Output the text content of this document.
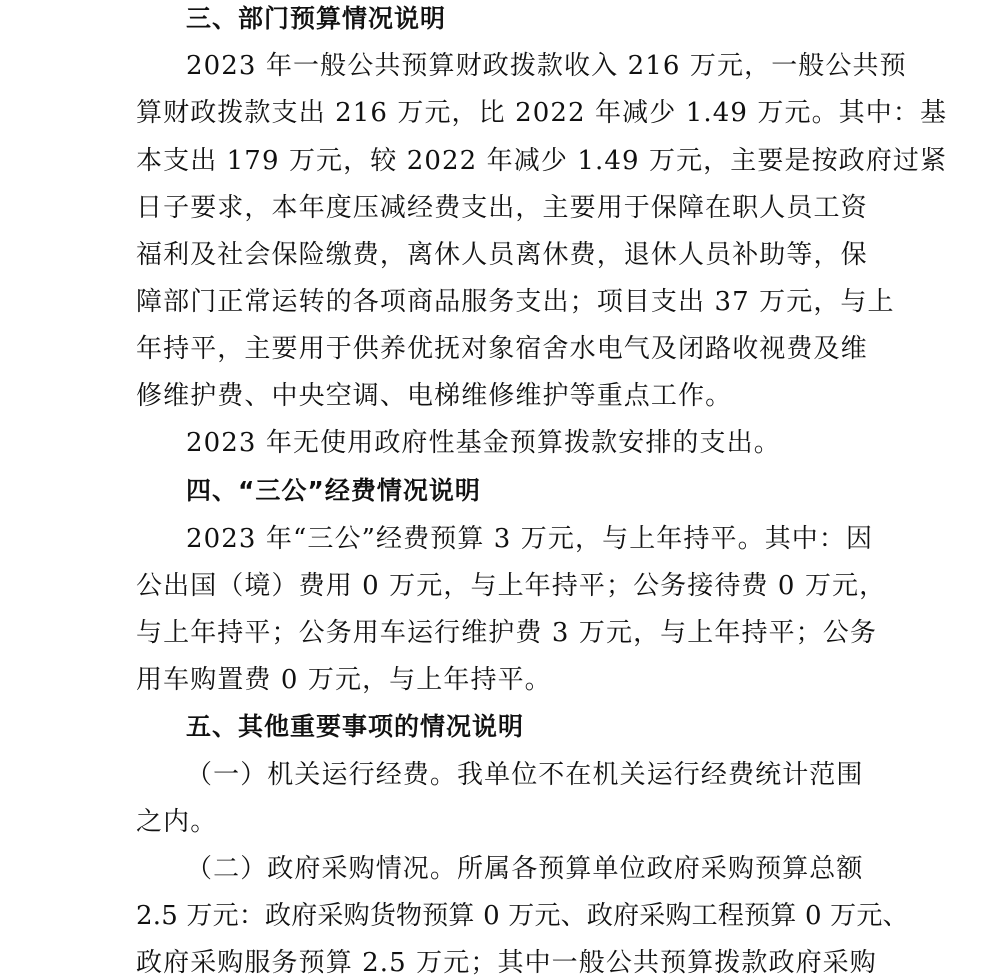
三、部门预算情况说明
2023 年一般公共预算财政拨款收入 216 万元，一般公共预
算财政拨款支出 216 万元，比 2022 年减少 1.49 万元。其中：基
本支出 179 万元，较 2022 年减少 1.49 万元，主要是按政府过紧
日子要求，本年度压减经费支出，主要用于保障在职人员工资
福利及社会保险缴费，离休人员离休费，退休人员补助等，保
障部门正常运转的各项商品服务支出；项目支出 37 万元，与上
年持平，主要用于供养优抚对象宿舍水电气及闭路收视费及维
修维护费、中央空调、电梯维修维护等重点工作。
2023 年无使用政府性基金预算拨款安排的支出。
四、“三公”经费情况说明
2023 年“三公”经费预算 3 万元，与上年持平。其中：因
公出国（境）费用 0 万元，与上年持平；公务接待费 0 万元，
与上年持平；公务用车运行维护费 3 万元，与上年持平；公务
用车购置费 0 万元，与上年持平。
五、其他重要事项的情况说明
（一）机关运行经费。我单位不在机关运行经费统计范围
之内。
（二）政府采购情况。所属各预算单位政府采购预算总额
2.5 万元：政府采购货物预算 0 万元、政府采购工程预算 0 万元、
政府采购服务预算 2.5 万元；其中一般公共预算拨款政府采购
